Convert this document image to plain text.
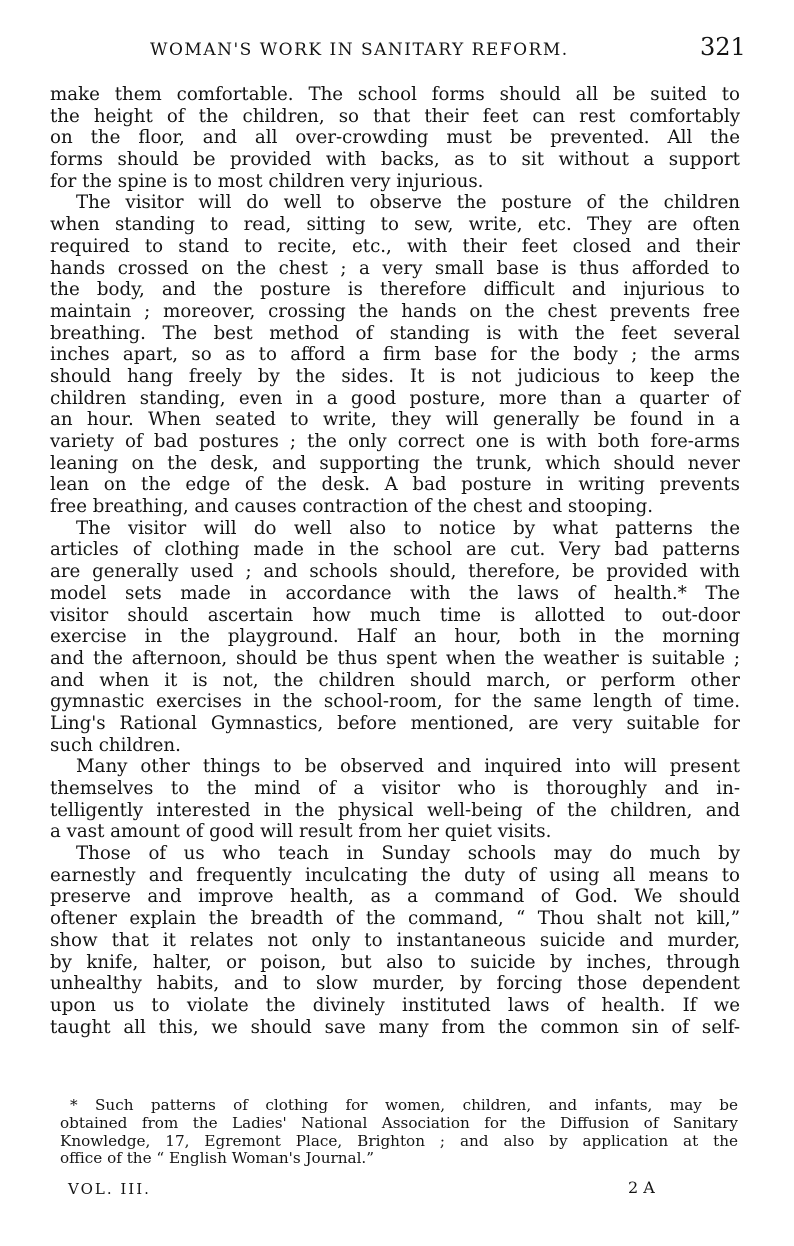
WOMAN'S WORK IN SANITARY REFORM.	321
make them comfortable. The school forms should all be suited to
the height of the children, so that their feet can rest comfortably
on the floor, and all over-crowding must be prevented. All the
forms should be provided with backs, as to sit without a support
for the spine is to most children very injurious.
The visitor will do well to observe the posture of the children
when standing to read, sitting to sew, write, etc. They are often
required to stand to recite, etc., with their feet closed and their
hands crossed on the chest ; a very small base is thus afforded to
the body, and the posture is therefore difficult and injurious to
maintain ; moreover, crossing the hands on the chest prevents free
breathing. The best method of standing is with the feet several
inches apart, so as to afford a firm base for the body ; the arms
should hang freely by the sides. It is not judicious to keep the
children standing, even in a good posture, more than a quarter of
an hour. When seated to write, they will generally be found in a
variety of bad postures ; the only correct one is with both fore-arms
leaning on the desk, and supporting the trunk, which should never
lean on the edge of the desk. A bad posture in writing prevents
free breathing, and causes contraction of the chest and stooping.
The visitor will do well also to notice by what patterns the
articles of clothing made in the school are cut. Very bad patterns
are generally used ; and schools should, therefore, be provided with
model sets made in accordance with the laws of health.* The
visitor should ascertain how much time is allotted to out-door
exercise in the playground. Half an hour, both in the morning
and the afternoon, should be thus spent when the weather is suitable ;
and when it is not, the children should march, or perform other
gymnastic exercises in the school-room, for the same length of time.
Ling's Rational Gymnastics, before mentioned, are very suitable for
such children.
Many other things to be observed and inquired into will present
themselves to the mind of a visitor who is thoroughly and in-
telligently interested in the physical well-being of the children, and
a vast amount of good will result from her quiet visits.
Those of us who teach in Sunday schools may do much by
earnestly and frequently inculcating the duty of using all means to
preserve and improve health, as a command of God. We should
oftener explain the breadth of the command, “ Thou shalt not kill,”
show that it relates not only to instantaneous suicide and murder,
by knife, halter, or poison, but also to suicide by inches, through
unhealthy habits, and to slow murder, by forcing those dependent
upon us to violate the divinely instituted laws of health. If we
taught all this, we should save many from the common sin of self-
* Such patterns of clothing for women, children, and infants, may be
obtained from the Ladies' National Association for the Diffusion of Sanitary
Knowledge, 17, Egremont Place, Brighton ; and also by application at the
office of the “ English Woman's Journal.”
VOL. III.	2 A
